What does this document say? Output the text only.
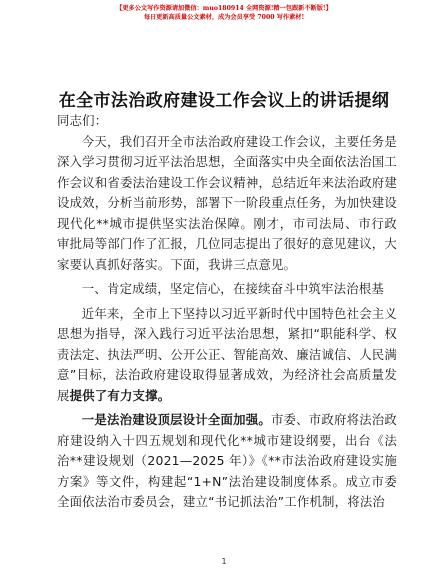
【更多公文写作资源请加微信：muo180914 全网资源!精一包跟新不断版!】
每日更新高质量公文素材，成为会员享受 7000 写作素材!
在全市法治政府建设工作会议上的讲话提纲

同志们：

今天，我们召开全市法治政府建设工作会议，主要任务是深入学习贯彻习近平法治思想，全面落实中央全面依法治国工作会议和省委法治建设工作会议精神，总结近年来法治政府建设成效，分析当前形势，部署下一阶段重点任务，为加快建设现代化**城市提供坚实法治保障。刚才，市司法局、市行政审批局等部门作了汇报，几位同志提出了很好的意见建议，大家要认真抓好落实。下面，我讲三点意见。

一、肯定成绩，坚定信心，在接续奋斗中筑牢法治根基

近年来，全市上下坚持以习近平新时代中国特色社会主义思想为指导，深入践行习近平法治思想，紧扣“职能科学、权责法定、执法严明、公开公正、智能高效、廉洁诚信、人民满意”目标，法治政府建设取得显著成效，为经济社会高质量发展提供了有力支撑。

一是法治建设顶层设计全面加强。市委、市政府将法治政府建设纳入十四五规划和现代化**城市建设纲要，出台《法治**建设规划（2021—2025 年）》《**市法治政府建设实施方案》等文件，构建起“1+N”法治建设制度体系。成立市委全面依法治市委员会，建立“书记抓法治”工作机制，将法治

1
